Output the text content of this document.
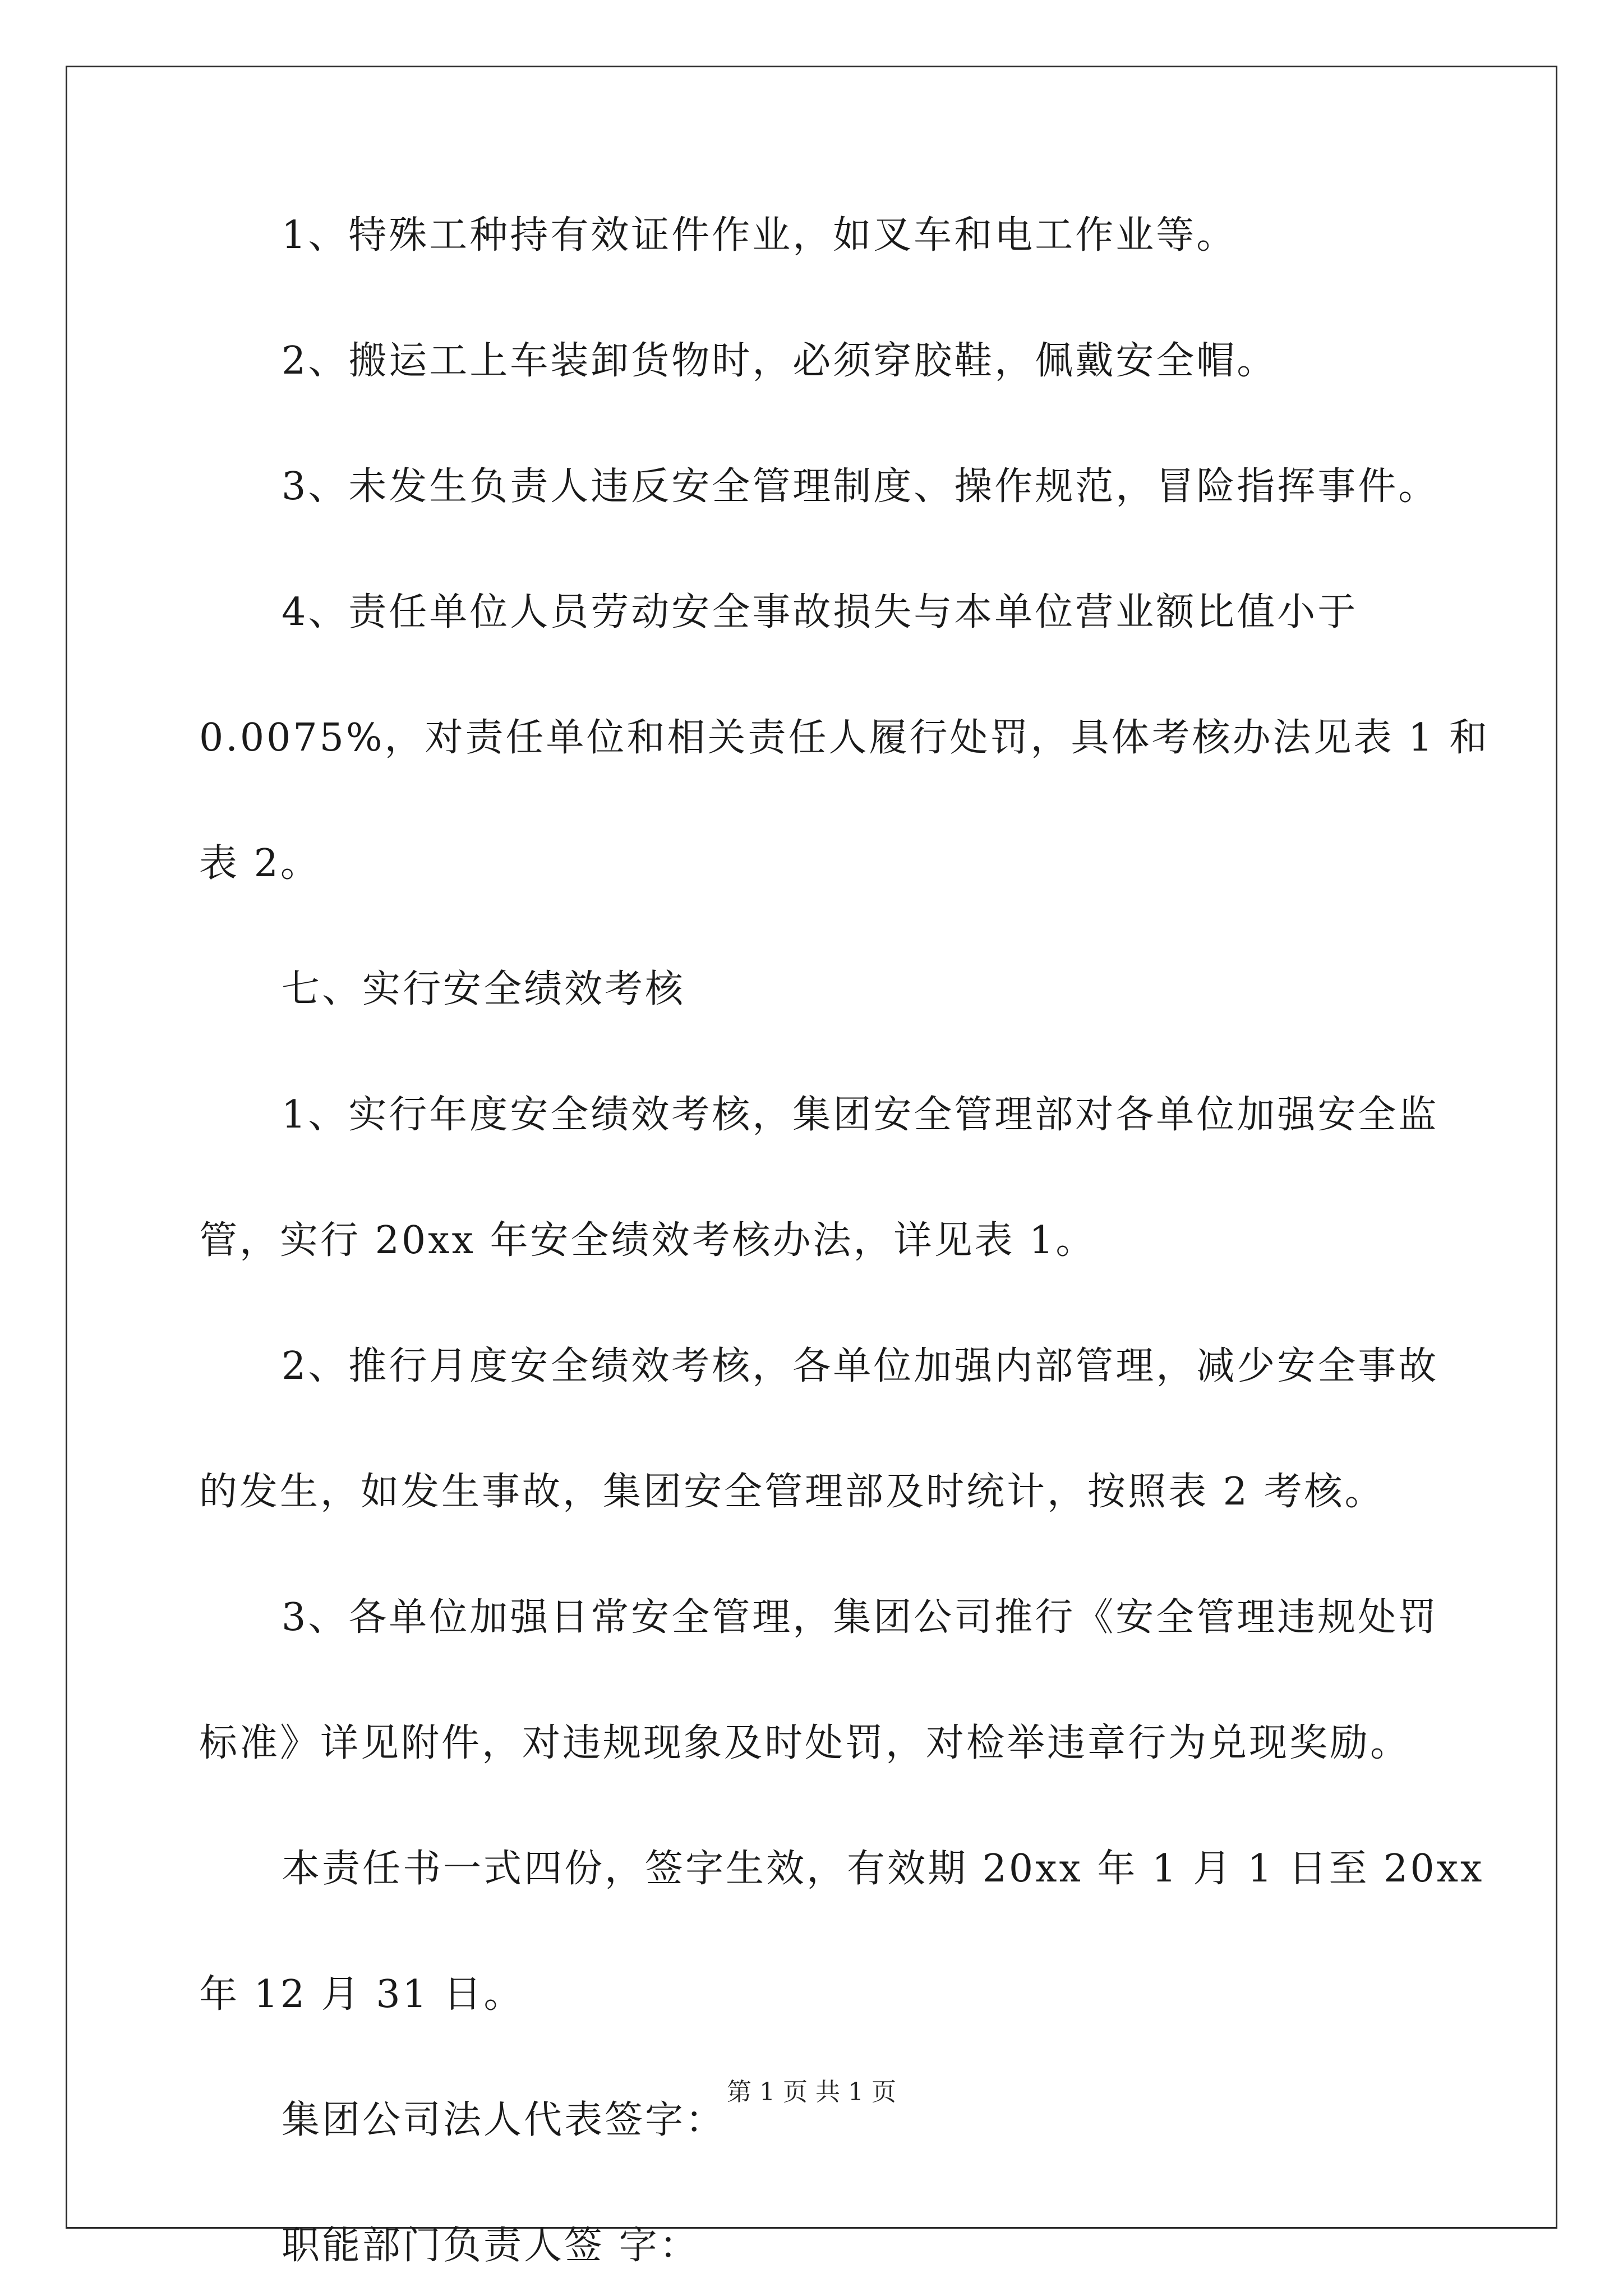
1、特殊工种持有效证件作业，如叉车和电工作业等。
2、搬运工上车装卸货物时，必须穿胶鞋，佩戴安全帽。
3、未发生负责人违反安全管理制度、操作规范，冒险指挥事件。
4、责任单位人员劳动安全事故损失与本单位营业额比值小于
0.0075%，对责任单位和相关责任人履行处罚，具体考核办法见表 1 和
表 2。
七、实行安全绩效考核
1、实行年度安全绩效考核，集团安全管理部对各单位加强安全监
管，实行 20xx 年安全绩效考核办法，详见表 1。
2、推行月度安全绩效考核，各单位加强内部管理，减少安全事故
的发生，如发生事故，集团安全管理部及时统计，按照表 2 考核。
3、各单位加强日常安全管理，集团公司推行《安全管理违规处罚
标准》详见附件，对违规现象及时处罚，对检举违章行为兑现奖励。
本责任书一式四份，签字生效，有效期 20xx 年 1 月 1 日至 20xx
年 12 月 31 日。
集团公司法人代表签字：
职能部门负责人签 字：
第 1 页 共 1 页
